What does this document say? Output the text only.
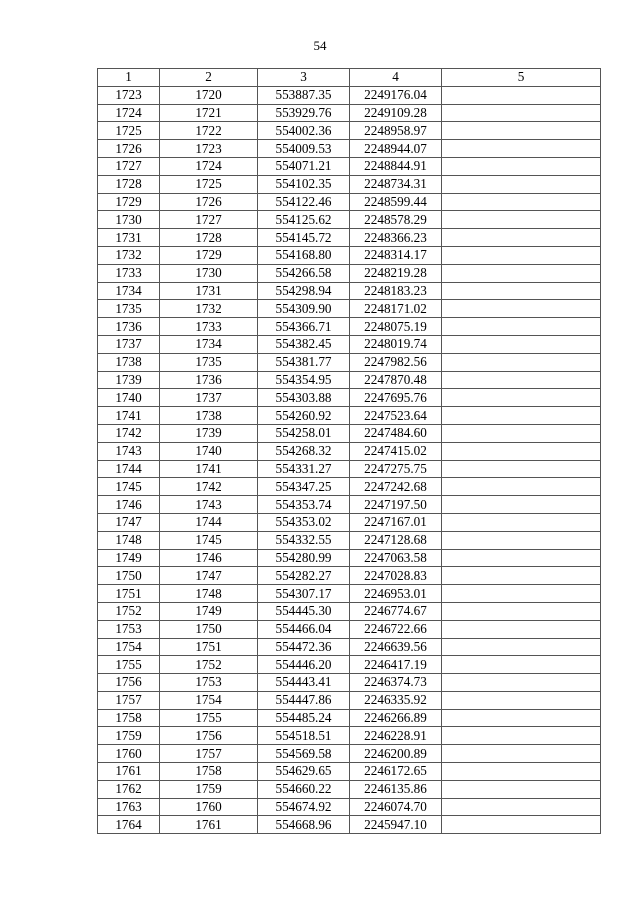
54
1	2	3	4	5
1723	1720	553887.35	2249176.04	
1724	1721	553929.76	2249109.28	
1725	1722	554002.36	2248958.97	
1726	1723	554009.53	2248944.07	
1727	1724	554071.21	2248844.91	
1728	1725	554102.35	2248734.31	
1729	1726	554122.46	2248599.44	
1730	1727	554125.62	2248578.29	
1731	1728	554145.72	2248366.23	
1732	1729	554168.80	2248314.17	
1733	1730	554266.58	2248219.28	
1734	1731	554298.94	2248183.23	
1735	1732	554309.90	2248171.02	
1736	1733	554366.71	2248075.19	
1737	1734	554382.45	2248019.74	
1738	1735	554381.77	2247982.56	
1739	1736	554354.95	2247870.48	
1740	1737	554303.88	2247695.76	
1741	1738	554260.92	2247523.64	
1742	1739	554258.01	2247484.60	
1743	1740	554268.32	2247415.02	
1744	1741	554331.27	2247275.75	
1745	1742	554347.25	2247242.68	
1746	1743	554353.74	2247197.50	
1747	1744	554353.02	2247167.01	
1748	1745	554332.55	2247128.68	
1749	1746	554280.99	2247063.58	
1750	1747	554282.27	2247028.83	
1751	1748	554307.17	2246953.01	
1752	1749	554445.30	2246774.67	
1753	1750	554466.04	2246722.66	
1754	1751	554472.36	2246639.56	
1755	1752	554446.20	2246417.19	
1756	1753	554443.41	2246374.73	
1757	1754	554447.86	2246335.92	
1758	1755	554485.24	2246266.89	
1759	1756	554518.51	2246228.91	
1760	1757	554569.58	2246200.89	
1761	1758	554629.65	2246172.65	
1762	1759	554660.22	2246135.86	
1763	1760	554674.92	2246074.70	
1764	1761	554668.96	2245947.10	
